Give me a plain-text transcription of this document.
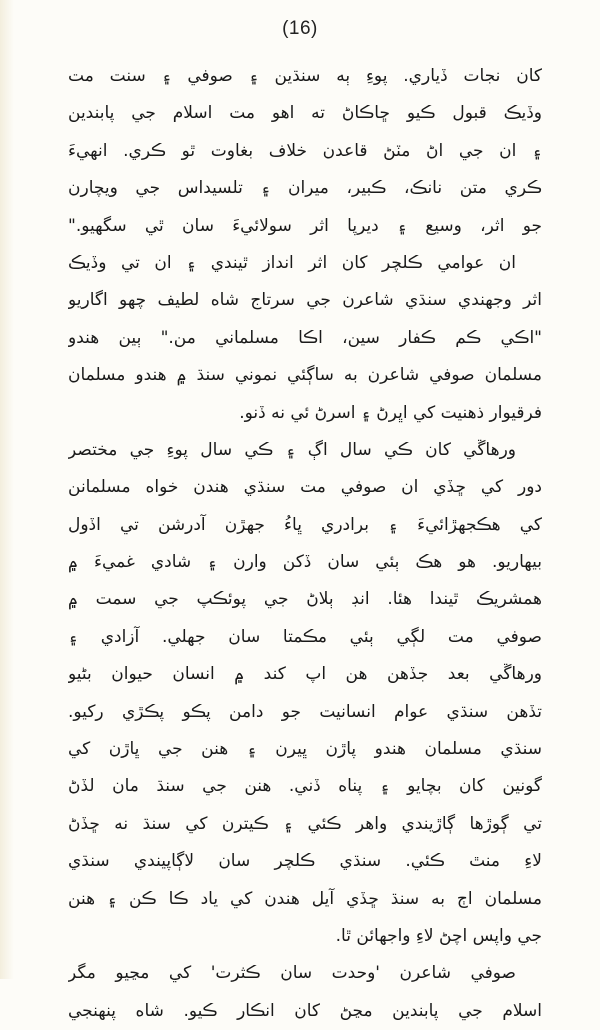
(16)
کان نجات ڏياري. پوءِ ٻه سنڌين ۽ صوفي ۽ سنت مت
وڏيڪ قبول ڪيو ڇاڪاڻ ته اهو مت اسلام جي پابندين
۽ ان جي اڻ مٽڻ قاعدن خلاف بغاوت ٿو ڪري. انهيءَ
ڪري متن نانڪ، ڪبير، ميران ۽ تلسيداس جي ويچارن
جو اثر، وسيع ۽ ديرپا اثر سولائيءَ سان ٿي سگهيو."
ان عوامي ڪلچر کان اثر انداز ٿيندي ۽ ان تي وڏيڪ
اثر وجهندي سنڌي شاعرن جي سرتاج شاه لطيف چهو اگاريو
"اڪي ڪم ڪفار سين، اڪا مسلماني من." ٻين هندو
مسلمان صوفي شاعرن به ساڳئي نموني سنڌ ۾ هندو مسلمان
فرقيوار ذهنيت کي اڀرڻ ۽ اسرڻ ئي نه ڏنو.
ورهاڱي کان ڪي سال اڳ ۽ ڪي سال پوءِ جي مختصر
دور کي ڇڏي ان صوفي مت سنڌي هندن خواه مسلمانن
کي هڪجهڙائيءَ ۽ برادري ڀاءُ جهڙن آدرشن تي اڏول
بيهاريو. هو هڪ ٻئي سان ڏکن وارن ۽ شادي غميءَ ۾
همشريڪ ٿيندا هئا. انڊ ٻلاڻ جي پوئڪپ جي سمت ۾
صوفي مت لڳي ٻئي مڪمتا سان جهلي. آزادي ۽
ورهاڱي بعد جڏهن هن اپ کند ۾ انسان حيوان بڻيو
تڏهن سنڌي عوام انسانيت جو دامن پڪو پڪڙي رکيو.
سنڌي مسلمان هندو پاڙن ڀيرن ۽ هنن جي ڀاڙن کي
گونين کان بچايو ۽ پناه ڏني. هنن جي سنڌ مان لڏڻ
تي ڳوڙها ڳاڙيندي واهر ڪئي ۽ ڪيترن کي سنڌ نه ڇڏڻ
لاءِ منٿ ڪئي. سنڌي ڪلچر سان لاڳاپيندي سنڌي
مسلمان اڄ به سنڌ ڇڏي آيل هندن کي ياد ڪا ڪن ۽ هنن
جي واپس اچڻ لاءِ واجهائن ٿا.
صوفي شاعرن 'وحدت سان ڪثرت' کي مڃيو مگر
اسلام جي پابندين مڃڻ کان انڪار ڪيو. شاه پنهنجي
